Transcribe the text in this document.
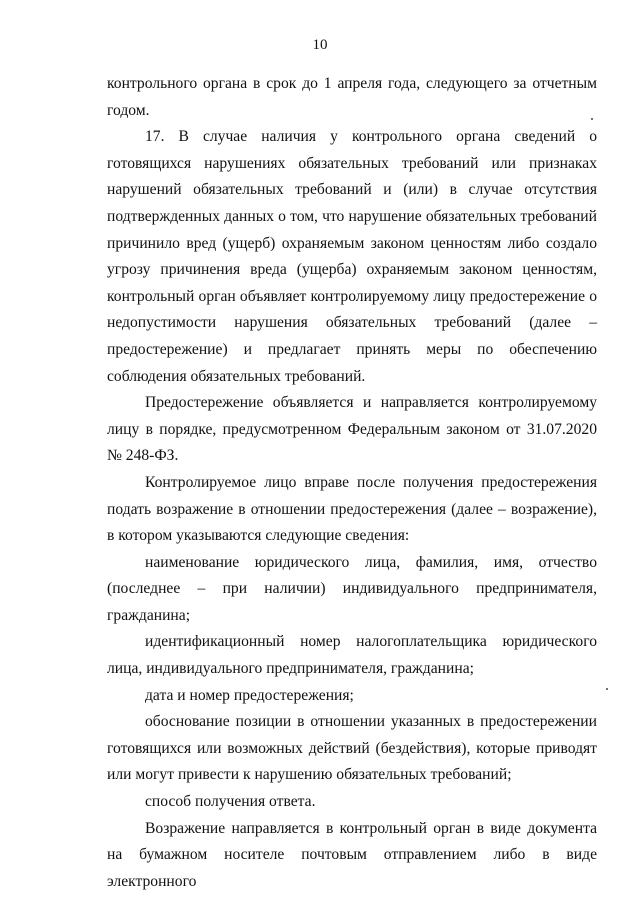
10

контрольного органа в срок до 1 апреля года, следующего за отчетным годом.

17. В случае наличия у контрольного органа сведений о готовящихся нарушениях обязательных требований или признаках нарушений обязательных требований и (или) в случае отсутствия подтвержденных данных о том, что нарушение обязательных требований причинило вред (ущерб) охраняемым законом ценностям либо создало угрозу причинения вреда (ущерба) охраняемым законом ценностям, контрольный орган объявляет контролируемому лицу предостережение о недопустимости нарушения обязательных требований (далее – предостережение) и предлагает принять меры по обеспечению соблюдения обязательных требований.

Предостережение объявляется и направляется контролируемому лицу в порядке, предусмотренном Федеральным законом от 31.07.2020 № 248-ФЗ.

Контролируемое лицо вправе после получения предостережения подать возражение в отношении предостережения (далее – возражение), в котором указываются следующие сведения:

наименование юридического лица, фамилия, имя, отчество (последнее – при наличии) индивидуального предпринимателя, гражданина;

идентификационный номер налогоплательщика юридического лица, индивидуального предпринимателя, гражданина;

дата и номер предостережения;

обоснование позиции в отношении указанных в предостережении готовящихся или возможных действий (бездействия), которые приводят или могут привести к нарушению обязательных требований;

способ получения ответа.

Возражение направляется в контрольный орган в виде документа на бумажном носителе почтовым отправлением либо в виде электронного
